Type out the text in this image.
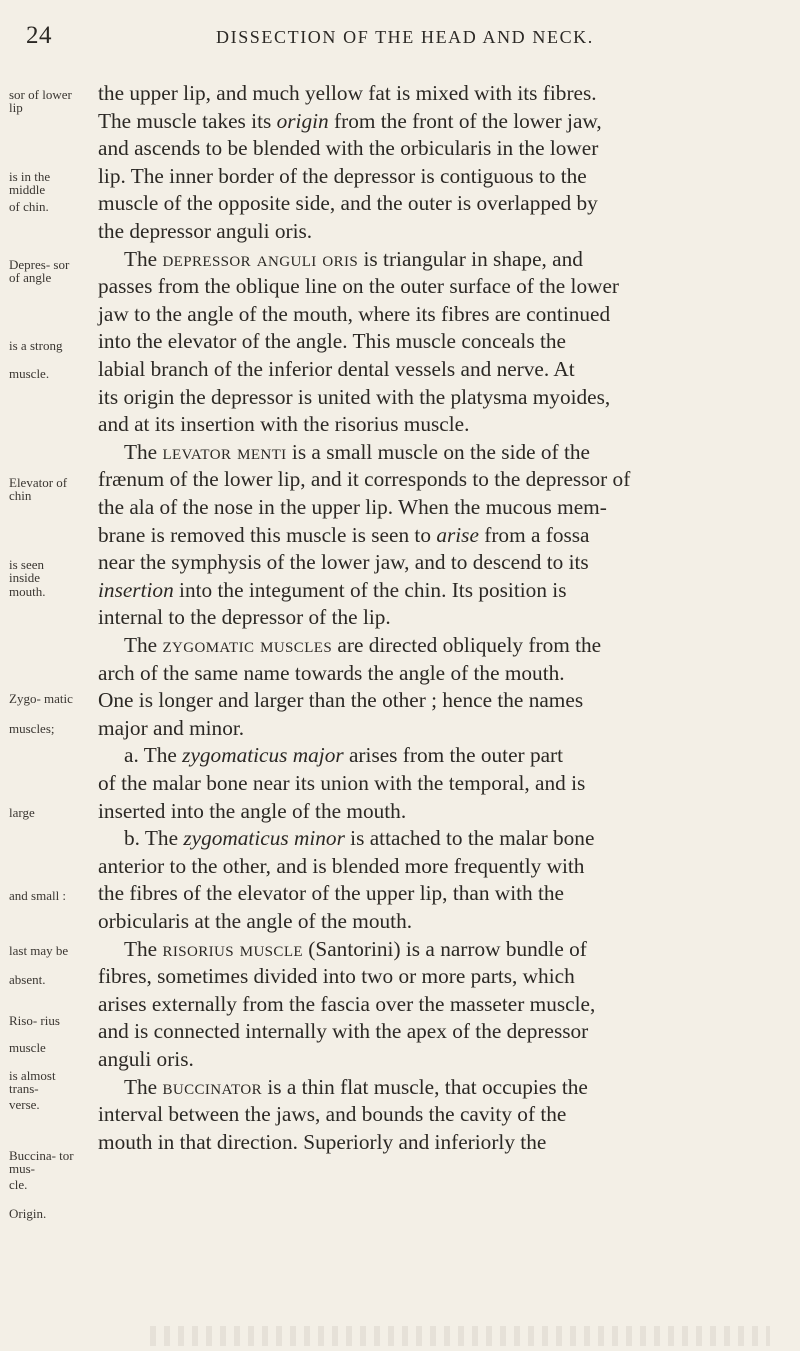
24	DISSECTION OF THE HEAD AND NECK.
sor of lower lip
is in the middle
of chin.
Depres- sor of angle
is a strong
muscle.
Elevator of chin
is seen inside
mouth.
Zygo- matic
muscles;
large
and small :
last may be
absent.
Riso- rius
muscle
is almost trans-
verse.
Buccina- tor mus-
cle.
Origin.
the upper lip, and much yellow fat is mixed with its fibres.
The muscle takes its origin from the front of the lower jaw,
and ascends to be blended with the orbicularis in the lower
lip. The inner border of the depressor is contiguous to the
muscle of the opposite side, and the outer is overlapped by
the depressor anguli oris.
The depressor anguli oris is triangular in shape, and
passes from the oblique line on the outer surface of the lower
jaw to the angle of the mouth, where its fibres are continued
into the elevator of the angle. This muscle conceals the
labial branch of the inferior dental vessels and nerve. At
its origin the depressor is united with the platysma myoides,
and at its insertion with the risorius muscle.
The levator menti is a small muscle on the side of the
frænum of the lower lip, and it corresponds to the depressor of
the ala of the nose in the upper lip. When the mucous mem-
brane is removed this muscle is seen to arise from a fossa
near the symphysis of the lower jaw, and to descend to its
insertion into the integument of the chin. Its position is
internal to the depressor of the lip.
The zygomatic muscles are directed obliquely from the
arch of the same name towards the angle of the mouth.
One is longer and larger than the other ; hence the names
major and minor.
a. The zygomaticus major arises from the outer part
of the malar bone near its union with the temporal, and is
inserted into the angle of the mouth.
b. The zygomaticus minor is attached to the malar bone
anterior to the other, and is blended more frequently with
the fibres of the elevator of the upper lip, than with the
orbicularis at the angle of the mouth.
The risorius muscle (Santorini) is a narrow bundle of
fibres, sometimes divided into two or more parts, which
arises externally from the fascia over the masseter muscle,
and is connected internally with the apex of the depressor
anguli oris.
The buccinator is a thin flat muscle, that occupies the
interval between the jaws, and bounds the cavity of the
mouth in that direction. Superiorly and inferiorly the
